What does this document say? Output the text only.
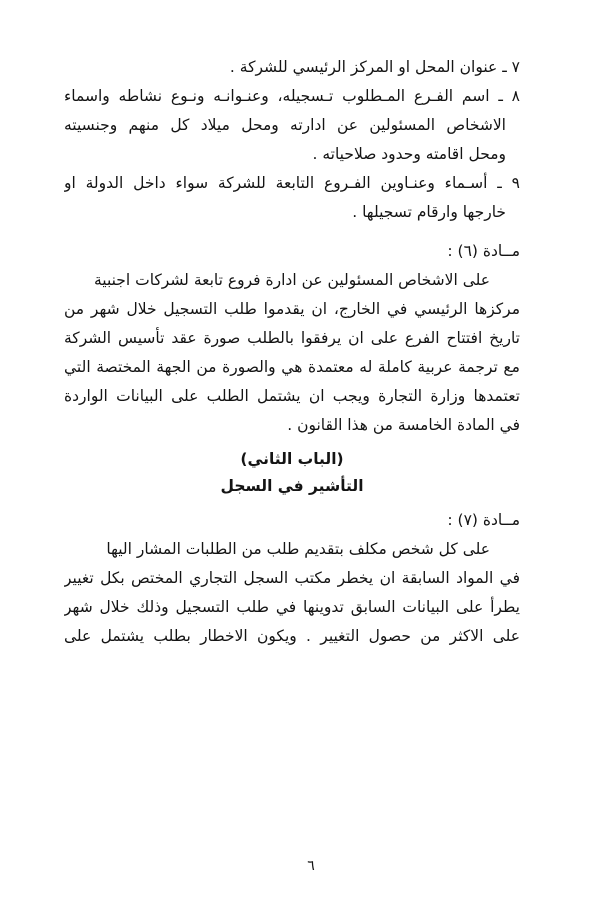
٧ ـ عنوان المحل او المركز الرئيسي للشركة .
٨ ـ اسم الفـرع المـطلوب تـسجيله، وعنـوانـه ونـوع نشاطه واسماء
الاشخاص المسئولين عن ادارته ومحل ميلاد كل منهم وجنسيته
ومحل اقامته وحدود صلاحياته .
٩ ـ أسـماء وعنـاوين الفـروع التابعة للشركة سواء داخل الدولة او
خارجها وارقام تسجيلها .
مــادة (٦) :
على الاشخاص المسئولين عن ادارة فروع تابعة لشركات اجنبية
مركزها الرئيسي في الخارج، ان يقدموا طلب التسجيل خلال شهر من
تاريخ افتتاح الفرع على ان يرفقوا بالطلب صورة عقد تأسيس الشركة
مع ترجمة عربية كاملة له معتمدة هي والصورة من الجهة المختصة التي
تعتمدها وزارة التجارة ويجب ان يشتمل الطلب على البيانات الواردة
في المادة الخامسة من هذا القانون .
(الباب الثاني)
التأشير في السجل
مــادة (٧) :
على كل شخص مكلف بتقديم طلب من الطلبات المشار اليها
في المواد السابقة ان يخطر مكتب السجل التجاري المختص بكل تغيير
يطرأ على البيانات السابق تدوينها في طلب التسجيل وذلك خلال شهر
على الاكثر من حصول التغيير . ويكون الاخطار بطلب يشتمل على
٦
